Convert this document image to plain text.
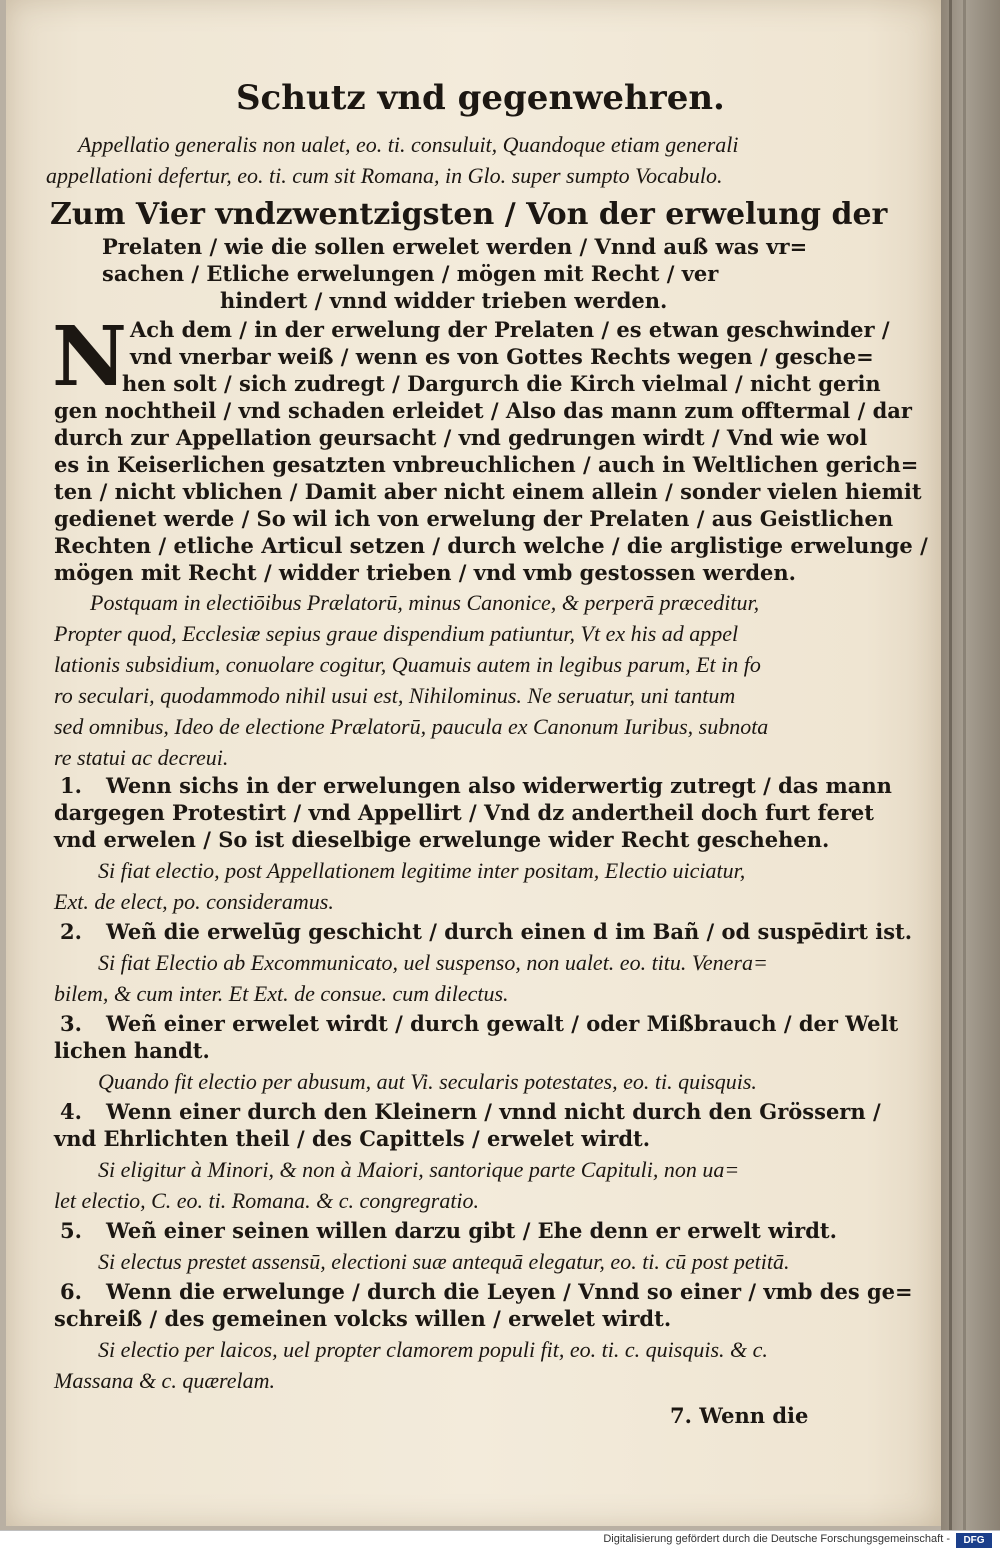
Schutz vnd gegenwehren.
Appellatio generalis non ualet, eo. ti. consuluit, Quandoque etiam generali
appellationi defertur, eo. ti. cum sit Romana, in Glo. super sumpto Vocabulo.
Zum Vier vndzwentzigsten / Von der erwelung der
Prelaten / wie die sollen erwelet werden / Vnnd auß was vr=
sachen / Etliche erwelungen / mögen mit Recht / ver
hindert / vnnd widder trieben werden.
N Ach dem / in der erwelung der Prelaten / es etwan geschwinder /
vnd vnerbar weiß / wenn es von Gottes Rechts wegen / gesche=
hen solt / sich zudregt / Dargurch die Kirch vielmal / nicht gerin
gen nochtheil / vnd schaden erleidet / Also das mann zum offtermal / dar
durch zur Appellation geursacht / vnd gedrungen wirdt / Vnd wie wol
es in Keiserlichen gesatzten vnbreuchlichen / auch in Weltlichen gerich=
ten / nicht vblichen / Damit aber nicht einem allein / sonder vielen hiemit
gedienet werde / So wil ich von erwelung der Prelaten / aus Geistlichen
Rechten / etliche Articul setzen / durch welche / die arglistige erwelunge /
mögen mit Recht / widder trieben / vnd vmb gestossen werden.
Postquam in electiōibus Prælatorū, minus Canonice, & perperā præceditur,
Propter quod, Ecclesiæ sepius graue dispendium patiuntur, Vt ex his ad appel
lationis subsidium, conuolare cogitur, Quamuis autem in legibus parum, Et in fo
ro seculari, quodammodo nihil usui est, Nihilominus. Ne seruatur, uni tantum
sed omnibus, Ideo de electione Prælatorū, paucula ex Canonum Iuribus, subnota
re statui ac decreui.
1. Wenn sichs in der erwelungen also widerwertig zutregt / das mann
dargegen Protestirt / vnd Appellirt / Vnd dz andertheil doch furt feret
vnd erwelen / So ist dieselbige erwelunge wider Recht geschehen.
Si fiat electio, post Appellationem legitime inter positam, Electio uiciatur,
Ext. de elect, po. consideramus.
2. Weñ die erwelūg geschicht / durch einen d im Bañ / od suspēdirt ist.
Si fiat Electio ab Excommunicato, uel suspenso, non ualet. eo. titu. Venera=
bilem, & cum inter. Et Ext. de consue. cum dilectus.
3. Weñ einer erwelet wirdt / durch gewalt / oder Mißbrauch / der Welt
lichen handt.
Quando fit electio per abusum, aut Vi. secularis potestates, eo. ti. quisquis.
4. Wenn einer durch den Kleinern / vnnd nicht durch den Grössern /
vnd Ehrlichten theil / des Capittels / erwelet wirdt.
Si eligitur à Minori, & non à Maiori, santorique parte Capituli, non ua=
let electio, C. eo. ti. Romana. & c. congregratio.
5. Weñ einer seinen willen darzu gibt / Ehe denn er erwelt wirdt.
Si electus prestet assensū, electioni suæ antequā elegatur, eo. ti. cū post petitā.
6. Wenn die erwelunge / durch die Leyen / Vnnd so einer / vmb des ge=
schreiß / des gemeinen volcks willen / erwelet wirdt.
Si electio per laicos, uel propter clamorem populi fit, eo. ti. c. quisquis. & c.
Massana & c. quærelam.
7. Wenn die
Digitalisierung gefördert durch die Deutsche Forschungsgemeinschaft -	DFG
